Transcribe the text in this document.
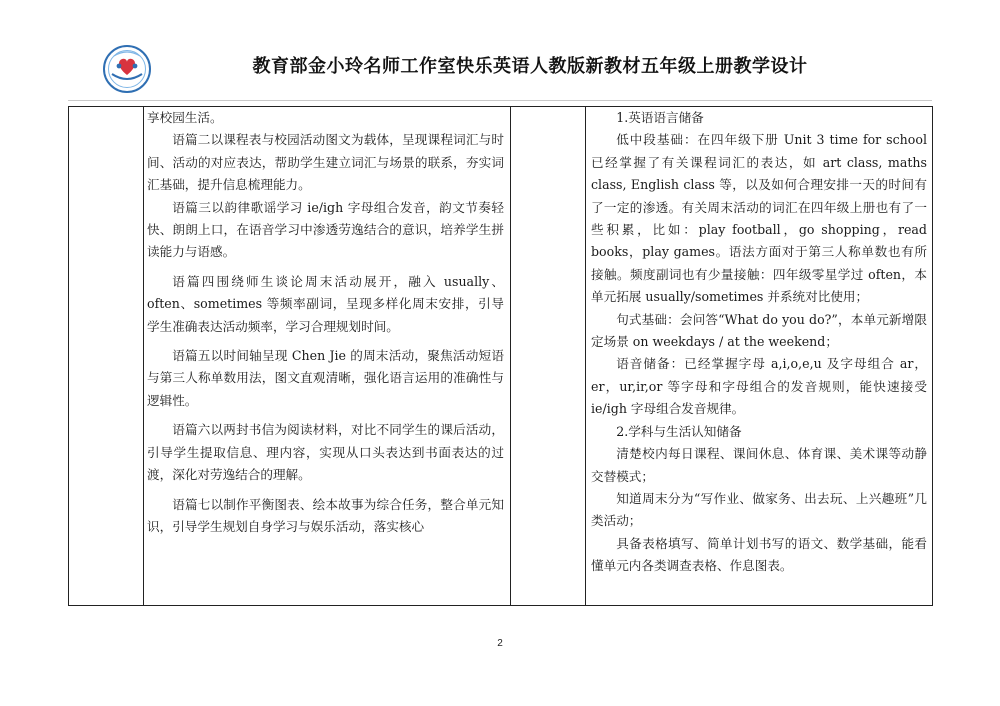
教育部金小玲名师工作室快乐英语人教版新教材五年级上册教学设计

享校园生活。

语篇二以课程表与校园活动图文为载体，呈现课程词汇与时间、活动的对应表达，帮助学生建立词汇与场景的联系，夯实词汇基础，提升信息梳理能力。

语篇三以韵律歌谣学习 ie/igh 字母组合发音，韵文节奏轻快、朗朗上口，在语音学习中渗透劳逸结合的意识，培养学生拼读能力与语感。

语篇四围绕师生谈论周末活动展开，融入 usually、often、sometimes 等频率副词，呈现多样化周末安排，引导学生准确表达活动频率，学习合理规划时间。

语篇五以时间轴呈现 Chen Jie 的周末活动，聚焦活动短语与第三人称单数用法，图文直观清晰，强化语言运用的准确性与逻辑性。

语篇六以两封书信为阅读材料，对比不同学生的课后活动，引导学生提取信息、理内容，实现从口头表达到书面表达的过渡，深化对劳逸结合的理解。

语篇七以制作平衡图表、绘本故事为综合任务，整合单元知识，引导学生规划自身学习与娱乐活动，落实核心

1.英语语言储备

低中段基础：在四年级下册 Unit 3 time for school 已经掌握了有关课程词汇的表达，如 art class, maths class, English class 等，以及如何合理安排一天的时间有了一定的渗透。有关周末活动的词汇在四年级上册也有了一些积累，比如：play football，go shopping，read books，play games。语法方面对于第三人称单数也有所接触。频度副词也有少量接触：四年级零星学过 often，本单元拓展 usually/sometimes 并系统对比使用；

句式基础：会问答“What do you do?”，本单元新增限定场景 on weekdays / at the weekend；

语音储备：已经掌握字母 a,i,o,e,u 及字母组合 ar，er，ur,ir,or 等字母和字母组合的发音规则，能快速接受 ie/igh 字母组合发音规律。

2.学科与生活认知储备

清楚校内每日课程、课间休息、体育课、美术课等动静交替模式；

知道周末分为“写作业、做家务、出去玩、上兴趣班”几类活动；

具备表格填写、简单计划书写的语文、数学基础，能看懂单元内各类调查表格、作息图表。

2
